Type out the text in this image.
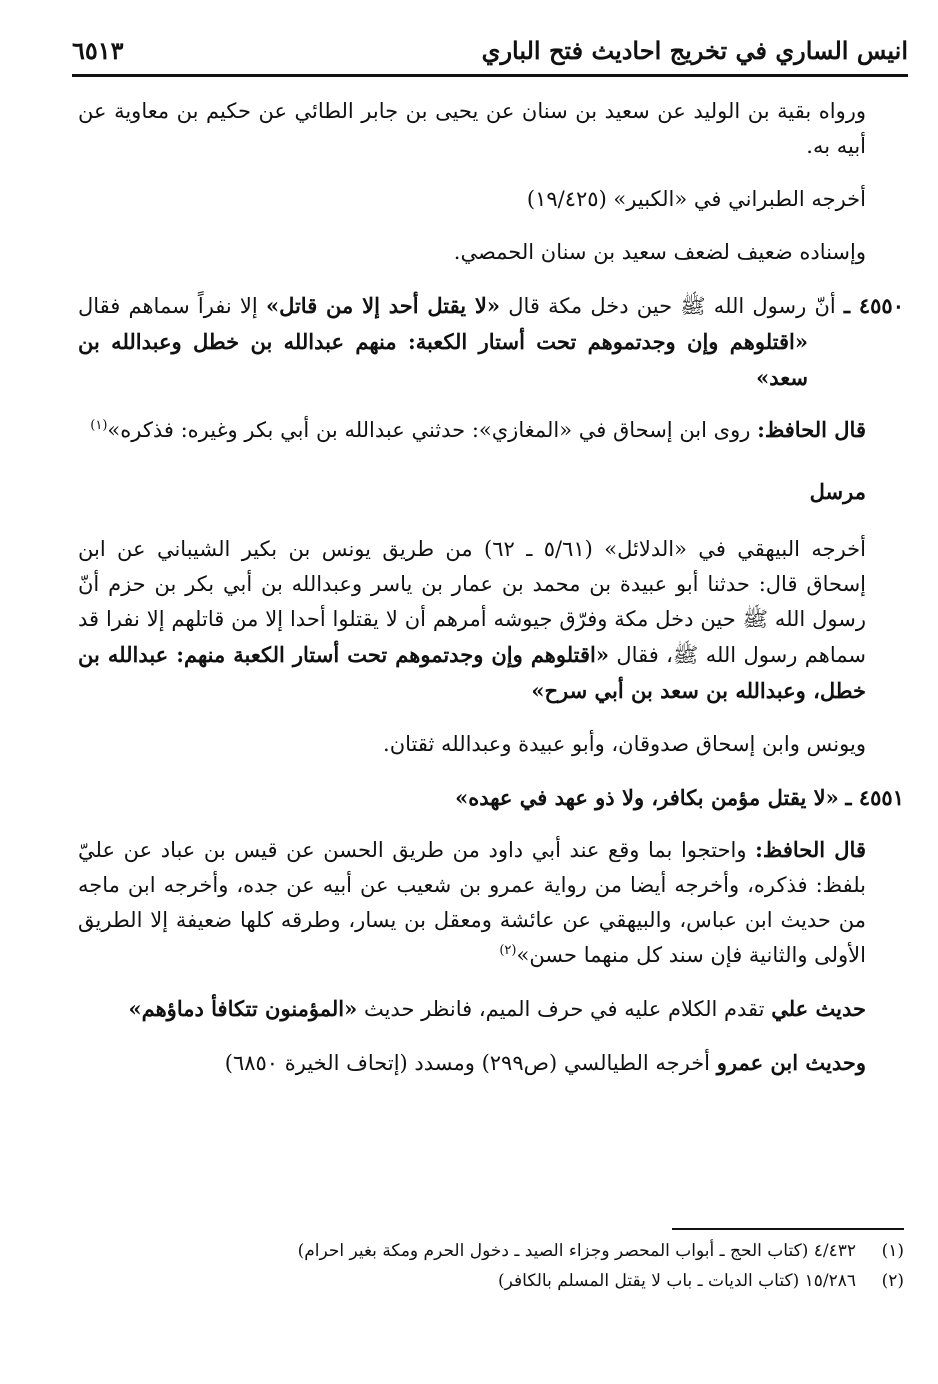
انيس الساري في تخريج احاديث فتح الباري
٦٥١٣

ورواه بقية بن الوليد عن سعيد بن سنان عن يحيى بن جابر الطائي عن حكيم بن معاوية عن أبيه به.

أخرجه الطبراني في «الكبير» (١٩/٤٢٥)

وإسناده ضعيف لضعف سعيد بن سنان الحمصي.

٤٥٥٠ ـ أنّ رسول الله ﷺ حين دخل مكة قال «لا يقتل أحد إلا من قاتل» إلا نفراً سماهم فقال «اقتلوهم وإن وجدتموهم تحت أستار الكعبة: منهم عبدالله بن خطل وعبدالله بن سعد»

قال الحافظ: روى ابن إسحاق في «المغازي»: حدثني عبدالله بن أبي بكر وغيره: فذكره»$^{(١)}$

مرسل

أخرجه البيهقي في «الدلائل» (٥/٦١ ـ ٦٢) من طريق يونس بن بكير الشيباني عن ابن إسحاق قال: حدثنا أبو عبيدة بن محمد بن عمار بن ياسر وعبدالله بن أبي بكر بن حزم أنّ رسول الله ﷺ حين دخل مكة وفرّق جيوشه أمرهم أن لا يقتلوا أحدا إلا من قاتلهم إلا نفرا قد سماهم رسول الله ﷺ، فقال «اقتلوهم وإن وجدتموهم تحت أستار الكعبة منهم: عبدالله بن خطل، وعبدالله بن سعد بن أبي سرح»

ويونس وابن إسحاق صدوقان، وأبو عبيدة وعبدالله ثقتان.

٤٥٥١ ـ «لا يقتل مؤمن بكافر، ولا ذو عهد في عهده»

قال الحافظ: واحتجوا بما وقع عند أبي داود من طريق الحسن عن قيس بن عباد عن عليّ بلفظ: فذكره، وأخرجه أيضا من رواية عمرو بن شعيب عن أبيه عن جده، وأخرجه ابن ماجه من حديث ابن عباس، والبيهقي عن عائشة ومعقل بن يسار، وطرقه كلها ضعيفة إلا الطريق الأولى والثانية فإن سند كل منهما حسن»$^{(٢)}$

حديث علي تقدم الكلام عليه في حرف الميم، فانظر حديث «المؤمنون تتكافأ دماؤهم»

وحديث ابن عمرو أخرجه الطيالسي (ص٢٩٩) ومسدد (إتحاف الخيرة ٦٨٥٠)

(١)٤/٤٣٢ (كتاب الحج ـ أبواب المحصر وجزاء الصيد ـ دخول الحرم ومكة بغير احرام)

(٢)١٥/٢٨٦ (كتاب الديات ـ باب لا يقتل المسلم بالكافر)
